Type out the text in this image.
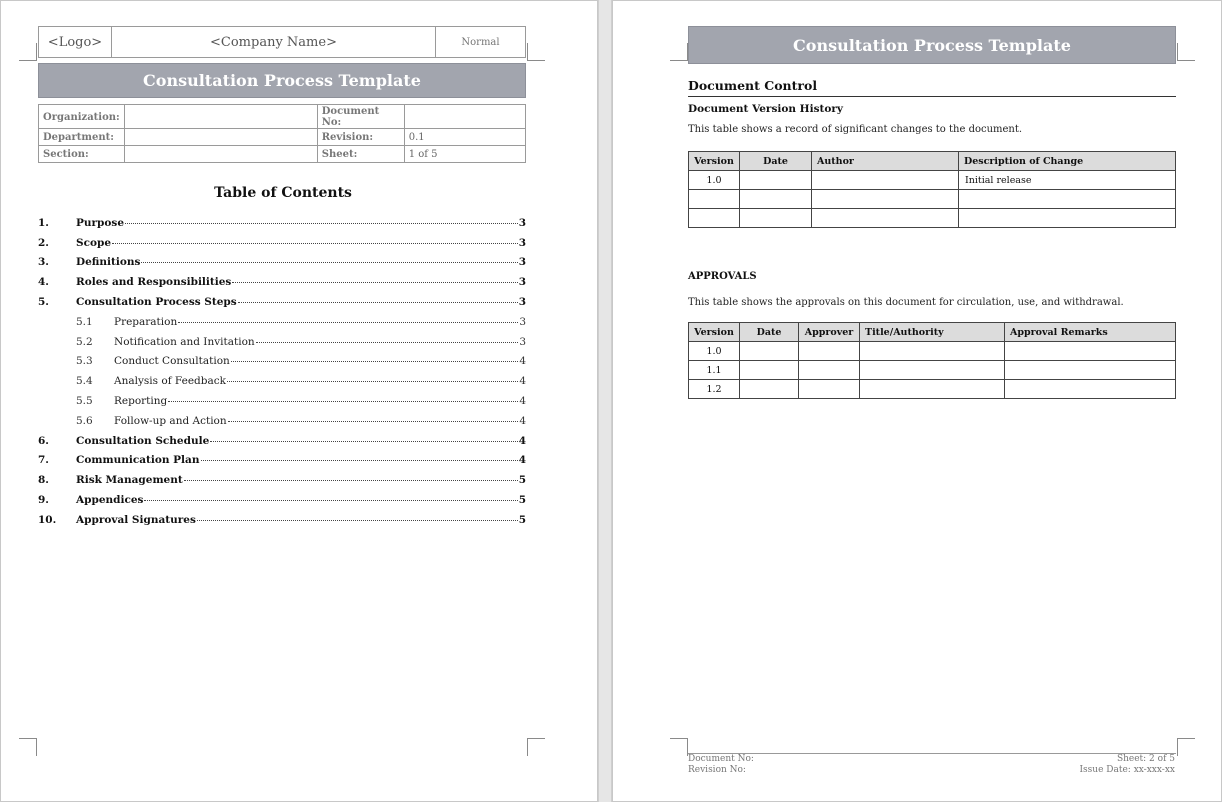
<Logo>	<Company Name>	Normal
Consultation Process Template
Organization:		Document No:	
Department:		Revision:	0.1
Section:		Sheet:	1 of 5
Table of Contents
1.	Purpose	3
2.	Scope	3
3.	Definitions	3
4.	Roles and Responsibilities	3
5.	Consultation Process Steps	3
5.1	Preparation	3
5.2	Notification and Invitation	3
5.3	Conduct Consultation	4
5.4	Analysis of Feedback	4
5.5	Reporting	4
5.6	Follow-up and Action	4
6.	Consultation Schedule	4
7.	Communication Plan	4
8.	Risk Management	5
9.	Appendices	5
10.	Approval Signatures	5
Consultation Process Template
Document Control
Document Version History
This table shows a record of significant changes to the document.
Version	Date	Author	Description of Change
1.0			Initial release

APPROVALS
This table shows the approvals on this document for circulation, use, and withdrawal.
Version	Date	Approver	Title/Authority	Approval Remarks
1.0				
1.1				
1.2				
Document No:
Revision No:
Sheet: 2 of 5
Issue Date: xx-xxx-xx
